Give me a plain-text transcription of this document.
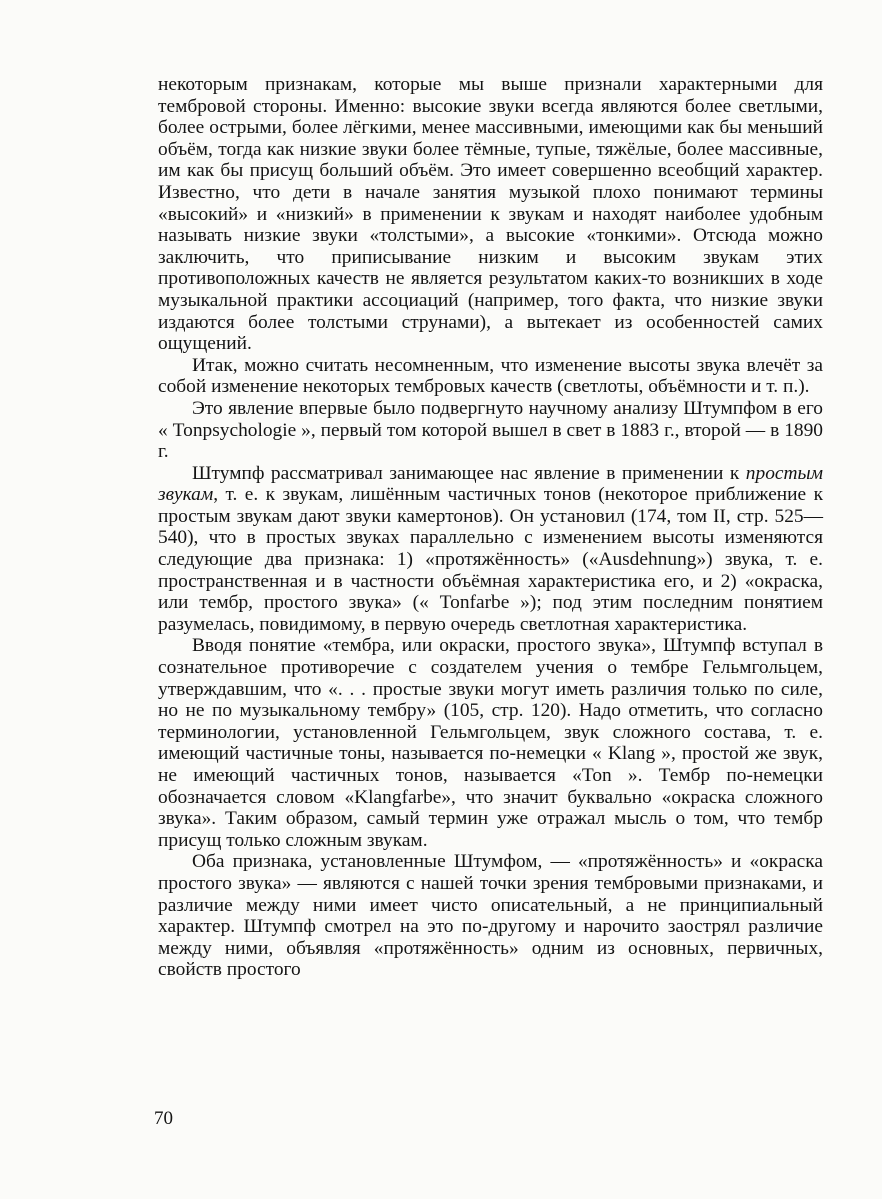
некоторым признакам, которые мы выше признали характерными для тембровой стороны. Именно: высокие звуки всегда являются более светлыми, более острыми, более лёгкими, менее массивными, имеющими как бы меньший объём, тогда как низкие звуки более тёмные, тупые, тяжёлые, более массивные, им как бы присущ больший объём. Это имеет совершенно всеобщий характер. Известно, что дети в начале занятия музыкой плохо понимают термины «высокий» и «низкий» в применении к звукам и находят наиболее удобным называть низкие звуки «толстыми», а высокие «тонкими». Отсюда можно заключить, что приписывание низким и высоким звукам этих противоположных качеств не является результатом каких-то возникших в ходе музыкальной практики ассоциаций (например, того факта, что низкие звуки издаются более толстыми струнами), а вытекает из особенностей самих ощущений.

Итак, можно считать несомненным, что изменение высоты звука влечёт за собой изменение некоторых тембровых качеств (светлоты, объёмности и т. п.).

Это явление впервые было подвергнуто научному анализу Штумпфом в его « Tonpsychologie », первый том которой вышел в свет в 1883 г., второй — в 1890 г.

Штумпф рассматривал занимающее нас явление в применении к простым звукам, т. е. к звукам, лишённым частичных тонов (некоторое приближение к простым звукам дают звуки камертонов). Он установил (174, том II, стр. 525—540), что в простых звуках параллельно с изменением высоты изменяются следующие два признака: 1) «протяжённость» («Ausdehnung») звука, т. е. пространственная и в частности объёмная характеристика его, и 2) «окраска, или тембр, простого звука» (« Tonfarbe »); под этим последним понятием разумелась, повидимому, в первую очередь светлотная характеристика.

Вводя понятие «тембра, или окраски, простого звука», Штумпф вступал в сознательное противоречие с создателем учения о тембре Гельмгольцем, утверждавшим, что «. . . простые звуки могут иметь различия только по силе, но не по музыкальному тембру» (105, стр. 120). Надо отметить, что согласно терминологии, установленной Гельмгольцем, звук сложного состава, т. е. имеющий частичные тоны, называется по-немецки « Klang », простой же звук, не имеющий частичных тонов, называется «Ton ». Тембр по-немецки обозначается словом «Klangfarbe», что значит буквально «окраска сложного звука». Таким образом, самый термин уже отражал мысль о том, что тембр присущ только сложным звукам.

Оба признака, установленные Штумфом, — «протяжённость» и «окраска простого звука» — являются с нашей точки зрения тембровыми признаками, и различие между ними имеет чисто описательный, а не принципиальный характер. Штумпф смотрел на это по-другому и нарочито заострял различие между ними, объявляя «протяжённость» одним из основных, первичных, свойств простого

70
